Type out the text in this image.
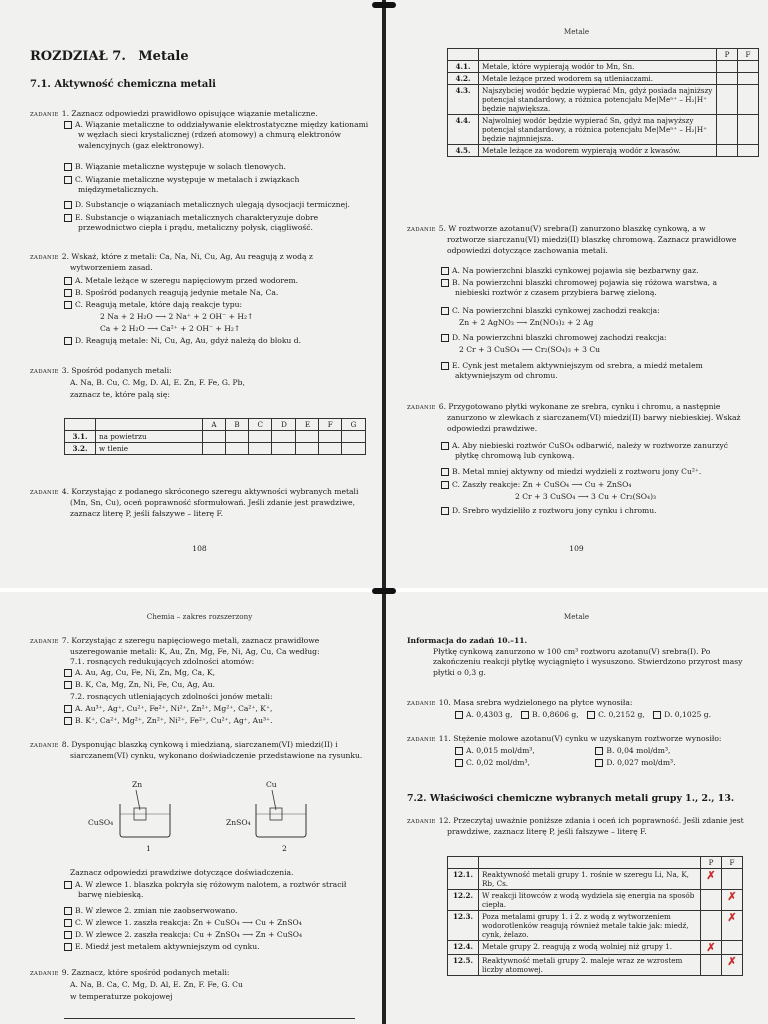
ROZDZIAŁ 7. Metale
7.1. Aktywność chemiczna metali
ZADANIE 1. Zaznacz odpowiedzi prawidłowo opisujące wiązanie metaliczne.
A. Wiązanie metaliczne to oddziaływanie elektrostatyczne między kationami w węzłach sieci krystalicznej (rdzeń atomowy) a chmurą elektronów walencyjnych (gaz elektronowy).
B. Wiązanie metaliczne występuje w solach tlenowych.
C. Wiązanie metaliczne występuje w metalach i związkach międzymetalicznych.
D. Substancje o wiązaniach metalicznych ulegają dysocjacji termicznej.
E. Substancje o wiązaniach metalicznych charakteryzuje dobre przewodnictwo ciepła i prądu, metaliczny połysk, ciągliwość.
ZADANIE 2. Wskaż, które z metali: Ca, Na, Ni, Cu, Ag, Au reagują z wodą z wytworzeniem zasad.
A. Metale leżące w szeregu napięciowym przed wodorem.
B. Spośród podanych reagują jedynie metale Na, Ca.
C. Reagują metale, które dają reakcje typu:
2 Na + 2 H₂O ⟶ 2 Na⁺ + 2 OH⁻ + H₂↑
Ca + 2 H₂O ⟶ Ca²⁺ + 2 OH⁻ + H₂↑
D. Reagują metale: Ni, Cu, Ag, Au, gdyż należą do bloku d.
ZADANIE 3. Spośród podanych metali:
A. Na, B. Cu, C. Mg, D. Al, E. Zn, F. Fe, G. Pb,
zaznacz te, które palą się:
		A	B	C	D	E	F	G
3.1.	na powietrzu							
3.2.	w tlenie							
ZADANIE 4. Korzystając z podanego skróconego szeregu aktywności wybranych metali (Mn, Sn, Cu), oceń poprawność sformułowań. Jeśli zdanie jest prawdziwe, zaznacz literę P, jeśli fałszywe – literę F.
108
Metale
		P	F
4.1.	Metale, które wypierają wodór to Mn, Sn.		
4.2.	Metale leżące przed wodorem są utleniaczami.		
4.3.	Najszybciej wodór będzie wypierać Mn, gdyż posiada najniższy potencjał standardowy, a różnica potencjału Me|Meⁿ⁺ – H₂|H⁺ będzie największa.		
4.4.	Najwolniej wodór będzie wypierać Sn, gdyż ma najwyższy potencjał standardowy, a różnica potencjału Me|Meⁿ⁺ – H₂|H⁺ będzie najmniejsza.		
4.5.	Metale leżące za wodorem wypierają wodór z kwasów.		
ZADANIE 5. W roztworze azotanu(V) srebra(I) zanurzono blaszkę cynkową, a w roztworze siarczanu(VI) miedzi(II) blaszkę chromową. Zaznacz prawidłowe odpowiedzi dotyczące zachowania metali.
A. Na powierzchni blaszki cynkowej pojawia się bezbarwny gaz.
B. Na powierzchni blaszki chromowej pojawia się różowa warstwa, a niebieski roztwór z czasem przybiera barwę zieloną.
C. Na powierzchni blaszki cynkowej zachodzi reakcja:
Zn + 2 AgNO₃ ⟶ Zn(NO₃)₂ + 2 Ag
D. Na powierzchni blaszki chromowej zachodzi reakcja:
2 Cr + 3 CuSO₄ ⟶ Cr₂(SO₄)₃ + 3 Cu
E. Cynk jest metalem aktywniejszym od srebra, a miedź metalem aktywniejszym od chromu.
ZADANIE 6. Przygotowano płytki wykonane ze srebra, cynku i chromu, a następnie zanurzono w zlewkach z siarczanem(VI) miedzi(II) barwy niebieskiej. Wskaż odpowiedzi prawdziwe.
A. Aby niebieski roztwór CuSO₄ odbarwić, należy w roztworze zanurzyć płytkę chromową lub cynkową.
B. Metal mniej aktywny od miedzi wydzieli z roztworu jony Cu²⁺.
C. Zaszły reakcje: Zn + CuSO₄ ⟶ Cu + ZnSO₄
2 Cr + 3 CuSO₄ ⟶ 3 Cu + Cr₂(SO₄)₃
D. Srebro wydzieliło z roztworu jony cynku i chromu.
109
Chemia – zakres rozszerzony
ZADANIE 7. Korzystając z szeregu napięciowego metali, zaznacz prawidłowe uszeregowanie metali: K, Au, Zn, Mg, Fe, Ni, Ag, Cu, Ca według:
7.1. rosnących redukujących zdolności atomów:
A. Au, Ag, Cu, Fe, Ni, Zn, Mg, Ca, K,
B. K, Ca, Mg, Zn, Ni, Fe, Cu, Ag, Au.
7.2. rosnących utleniających zdolności jonów metali:
A. Au³⁺, Ag⁺, Cu²⁺, Fe²⁺, Ni²⁺, Zn²⁺, Mg²⁺, Ca²⁺, K⁺,
B. K⁺, Ca²⁺, Mg²⁺, Zn²⁺, Ni²⁺, Fe²⁺, Cu²⁺, Ag⁺, Au³⁺.
ZADANIE 8. Dysponując blaszką cynkową i miedzianą, siarczanem(VI) miedzi(II) i siarczanem(VI) cynku, wykonano doświadczenie przedstawione na rysunku.
Zn	Cu
CuSO₄	ZnSO₄
1	2
Zaznacz odpowiedzi prawdziwe dotyczące doświadczenia.
A. W zlewce 1. blaszka pokryła się różowym nalotem, a roztwór stracił barwę niebieską.
B. W zlewce 2. zmian nie zaobserwowano.
C. W zlewce 1. zaszła reakcja: Zn + CuSO₄ ⟶ Cu + ZnSO₄
D. W zlewce 2. zaszła reakcja: Cu + ZnSO₄ ⟶ Zn + CuSO₄
E. Miedź jest metalem aktywniejszym od cynku.
ZADANIE 9. Zaznacz, które spośród podanych metali:
A. Na, B. Ca, C. Mg, D. Al, E. Zn, F. Fe, G. Cu
w temperaturze pokojowej
Metale
Informacja do zadań 10.–11.
Płytkę cynkową zanurzono w 100 cm³ roztworu azotanu(V) srebra(I). Po zakończeniu reakcji płytkę wyciągnięto i wysuszono. Stwierdzono przyrost masy płytki o 0,3 g.
ZADANIE 10. Masa srebra wydzielonego na płytce wynosiła:
A. 0,4303 g,	B. 0,8606 g,	C. 0,2152 g,	D. 0,1025 g.
ZADANIE 11. Stężenie molowe azotanu(V) cynku w uzyskanym roztworze wynosiło:
A. 0,015 mol/dm³,	B. 0,04 mol/dm³,
C. 0,02 mol/dm³,	D. 0,027 mol/dm³.
7.2. Właściwości chemiczne wybranych metali grupy 1., 2., 13.
ZADANIE 12. Przeczytaj uważnie poniższe zdania i oceń ich poprawność. Jeśli zdanie jest prawdziwe, zaznacz literę P, jeśli fałszywe – literę F.
		P	F
12.1.	Reaktywność metali grupy 1. rośnie w szeregu Li, Na, K, Rb, Cs.	✗	
12.2.	W reakcji litowców z wodą wydziela się energia na sposób ciepła.		✗
12.3.	Poza metalami grupy 1. i 2. z wodą z wytworzeniem wodorotlenków reagują również metale takie jak: miedź, cynk, żelazo.		✗
12.4.	Metale grupy 2. reagują z wodą wolniej niż grupy 1.	✗	
12.5.	Reaktywność metali grupy 2. maleje wraz ze wzrostem liczby atomowej.		✗
